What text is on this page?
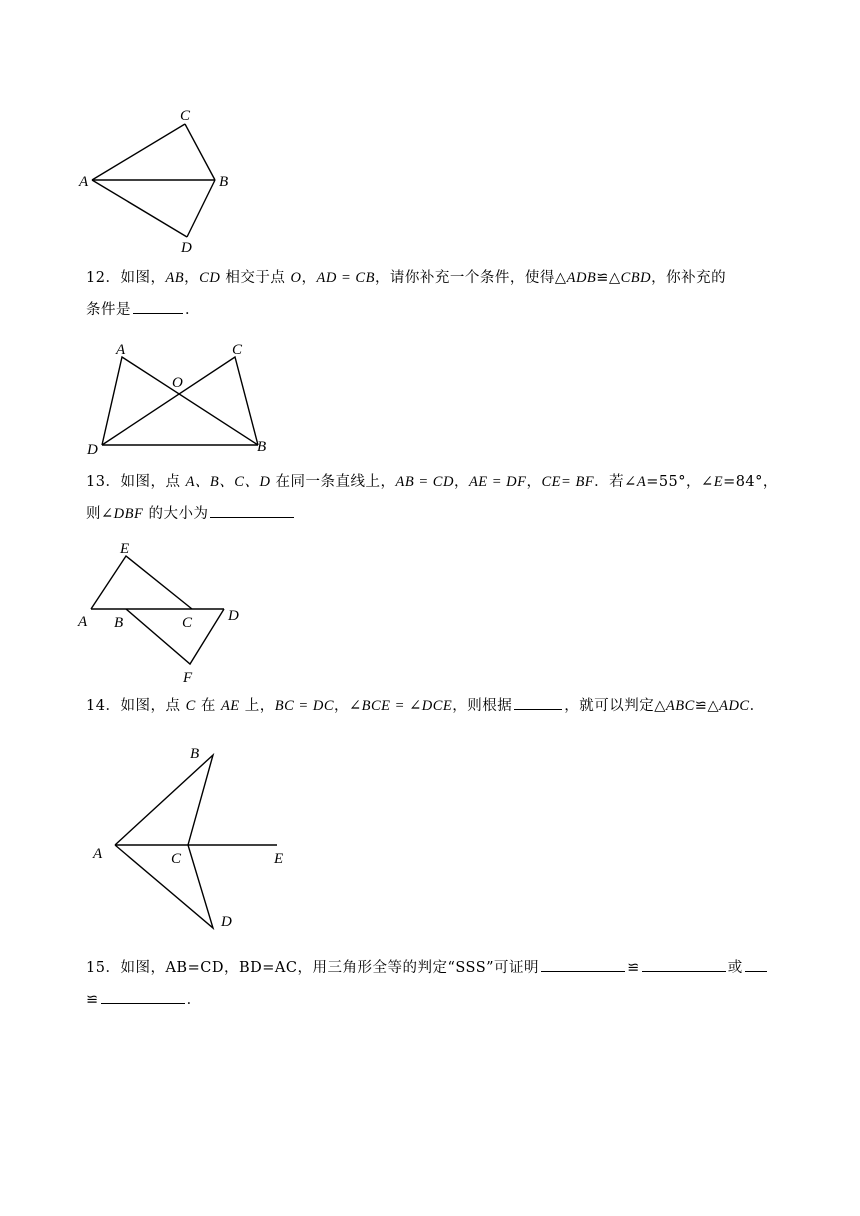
C
A	B
D
12．如图，AB，CD 相交于点 O，AD = CB，请你补充一个条件，使得△ADB≌△CBD，你补充的
条件是	．
A	C
O
D	B
13．如图，点 A、B、C、D 在同一条直线上，AB = CD，AE = DF，CE= BF．若∠A=55°，∠E=84°，
则∠DBF 的大小为
E
A B	C D
F
14．如图，点 C 在 AE 上，BC = DC，∠BCE = ∠DCE，则根据	，就可以判定△ABC≌△ADC．
B
A	C	E
D
15．如图，AB=CD，BD=AC，用三角形全等的判定“SSS”可证明	≌	或
≌	．
